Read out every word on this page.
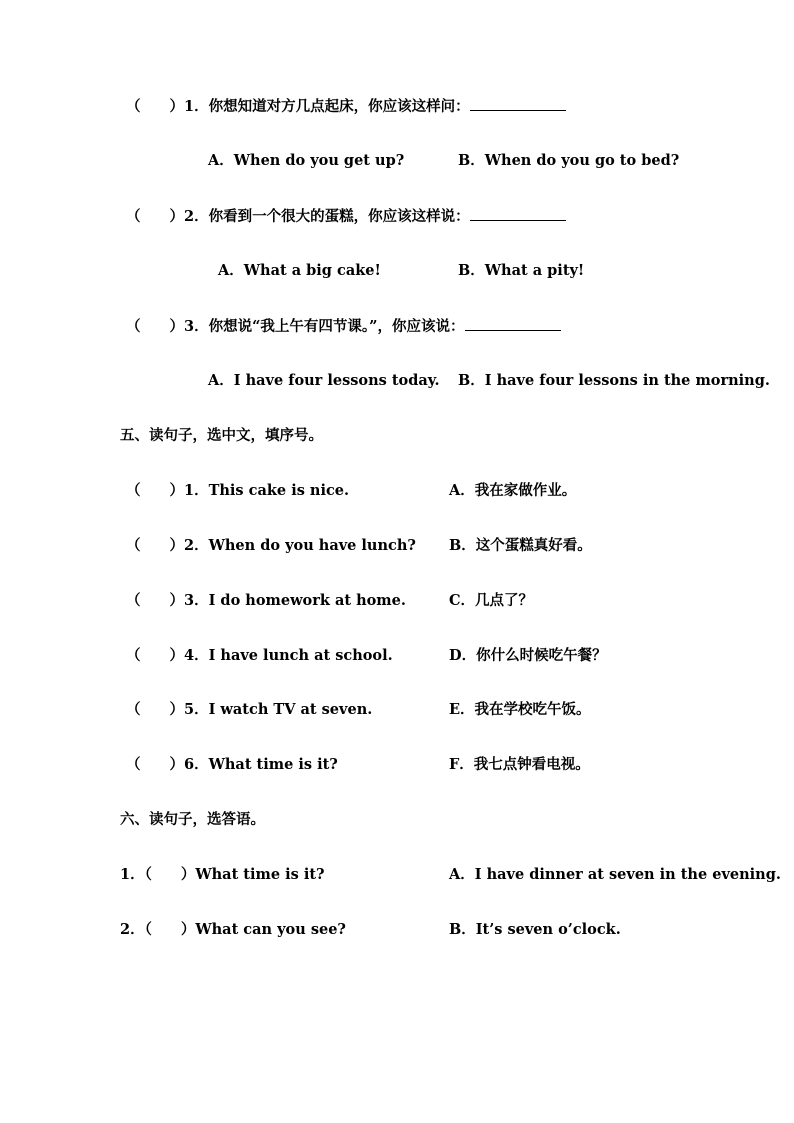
（　　）1．你想知道对方几点起床，你应该这样问：
A．When do you get up?	B．When do you go to bed?
（　　）2．你看到一个很大的蛋糕，你应该这样说：
A．What a big cake!	B．What a pity!
（　　）3．你想说“我上午有四节课。”，你应该说：
A．I have four lessons today. B．I have four lessons in the morning.
五、读句子，选中文，填序号。
（　　）1．This cake is nice.	A．我在家做作业。
（　　）2．When do you have lunch? B．这个蛋糕真好看。
（　　）3．I do homework at home.	C．几点了？
（　　）4．I have lunch at school.	D．你什么时候吃午餐？
（　　）5．I watch TV at seven.	E．我在学校吃午饭。
（　　）6．What time is it?	F．我七点钟看电视。
六、读句子，选答语。
1．（　　）What time is it?	A．I have dinner at seven in the evening.
2．（　　）What can you see?	B．It’s seven o’clock.
